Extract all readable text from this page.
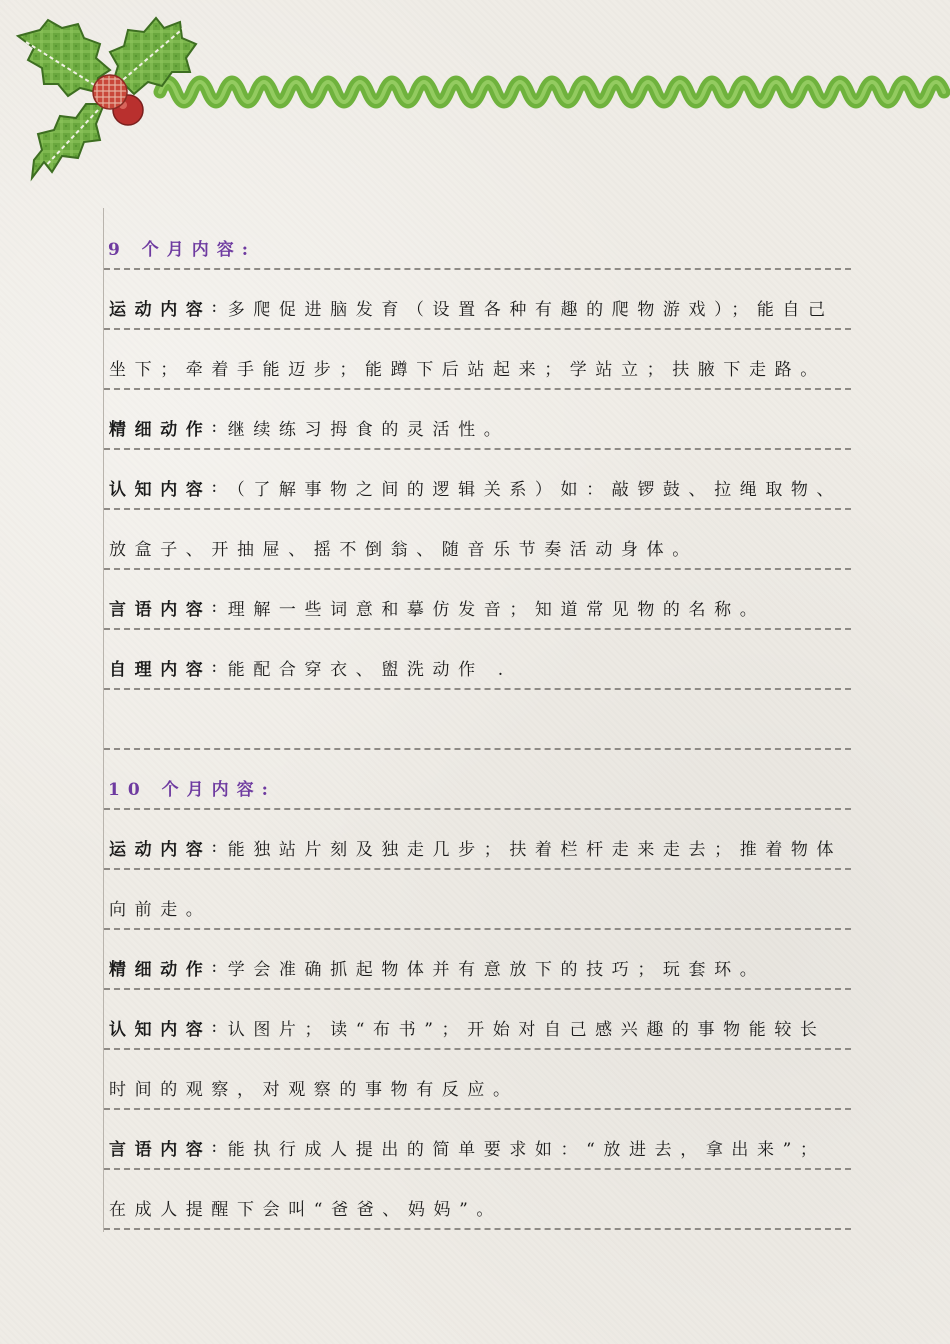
9 个月内容:
运动内容 : 多爬促进脑发育（设置各种有趣的爬物游戏）；能自己
坐下；牵着手能迈步；能蹲下后站起来；学站立；扶腋下走路。
精细动作 : 继续练习拇食的灵活性。
认知内容 : （了解事物之间的逻辑关系）如：敲锣鼓、拉绳取物、
放盒子、开抽屉、摇不倒翁、随音乐节奏活动身体。
言语内容 : 理解一些词意和摹仿发音；知道常见物的名称。
自理内容 : 能配合穿衣、盥洗动作 .
10 个月内容:
运动内容 : 能独站片刻及独走几步；扶着栏杆走来走去；推着物体
向前走。
精细动作 : 学会准确抓起物体并有意放下的技巧；玩套环。
认知内容 : 认图片；读“布书”；开始对自己感兴趣的事物能较长
时间的观察，对观察的事物有反应。
言语内容 : 能执行成人提出的简单要求如：“放进去，拿出来”；
在成人提醒下会叫“爸爸、妈妈”。
